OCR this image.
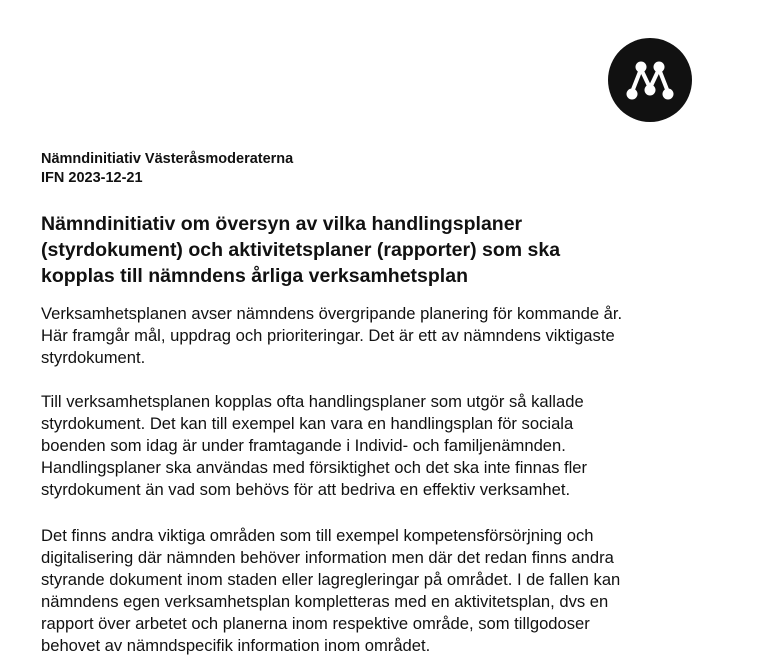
Nämndinitiativ Västeråsmoderaterna
IFN 2023-12-21
Nämndinitiativ om översyn av vilka handlingsplaner
(styrdokument) och aktivitetsplaner (rapporter) som ska
kopplas till nämndens årliga verksamhetsplan
Verksamhetsplanen avser nämndens övergripande planering för kommande år.
Här framgår mål, uppdrag och prioriteringar. Det är ett av nämndens viktigaste
styrdokument.
Till verksamhetsplanen kopplas ofta handlingsplaner som utgör så kallade
styrdokument. Det kan till exempel kan vara en handlingsplan för sociala
boenden som idag är under framtagande i Individ- och familjenämnden.
Handlingsplaner ska användas med försiktighet och det ska inte finnas fler
styrdokument än vad som behövs för att bedriva en effektiv verksamhet.
Det finns andra viktiga områden som till exempel kompetensförsörjning och
digitalisering där nämnden behöver information men där det redan finns andra
styrande dokument inom staden eller lagregleringar på området. I de fallen kan
nämndens egen verksamhetsplan kompletteras med en aktivitetsplan, dvs en
rapport över arbetet och planerna inom respektive område, som tillgodoser
behovet av nämndspecifik information inom området.
